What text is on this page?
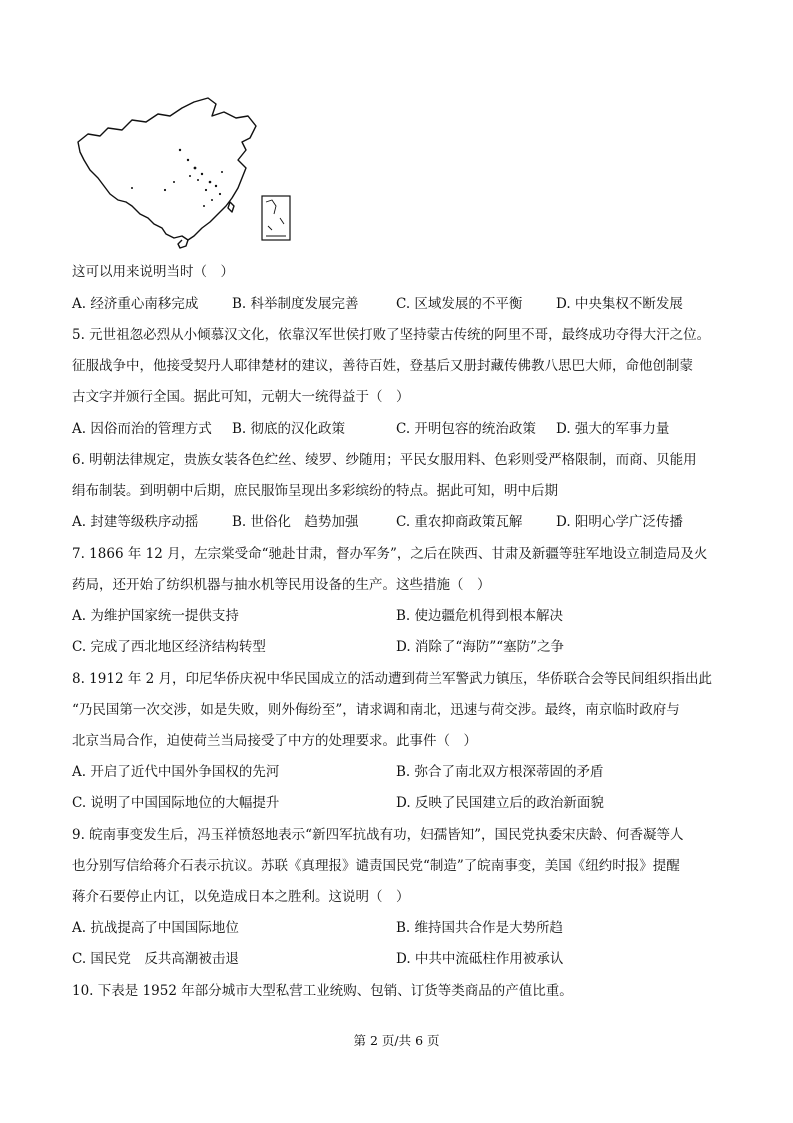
这可以用来说明当时（　）
A. 经济重心南移完成 B. 科举制度发展完善	C. 区域发展的不平衡 D. 中央集权不断发展
5. 元世祖忽必烈从小倾慕汉文化，依靠汉军世侯打败了坚持蒙古传统的阿里不哥，最终成功夺得大汗之位。
征服战争中，他接受契丹人耶律楚材的建议，善待百姓，登基后又册封藏传佛教八思巴大师，命他创制蒙
古文字并颁行全国。据此可知，元朝大一统得益于（　）
A. 因俗而治的管理方式 B. 彻底的汉化政策	C. 开明包容的统治政策 D. 强大的军事力量
6. 明朝法律规定，贵族女装各色纻丝、绫罗、纱随用；平民女服用料、色彩则受严格限制，而商、贝能用
绢布制装。到明朝中后期，庶民服饰呈现出多彩缤纷的特点。据此可知，明中后期
A. 封建等级秩序动摇 B. 世俗化　趋势加强	C. 重农抑商政策瓦解 D. 阳明心学广泛传播
7. 1866 年 12 月，左宗棠受命“驰赴甘肃，督办军务”，之后在陕西、甘肃及新疆等驻军地设立制造局及火
药局，还开始了纺织机器与抽水机等民用设备的生产。这些措施（　）
A. 为维护国家统一提供支持	B. 使边疆危机得到根本解决
C. 完成了西北地区经济结构转型	D. 消除了“海防”“塞防”之争
8. 1912 年 2 月，印尼华侨庆祝中华民国成立的活动遭到荷兰军警武力镇压，华侨联合会等民间组织指出此
“乃民国第一次交涉，如是失败，则外侮纷至”，请求调和南北，迅速与荷交涉。最终，南京临时政府与
北京当局合作，迫使荷兰当局接受了中方的处理要求。此事件（　）
A. 开启了近代中国外争国权的先河	B. 弥合了南北双方根深蒂固的矛盾
C. 说明了中国国际地位的大幅提升	D. 反映了民国建立后的政治新面貌
9. 皖南事变发生后，冯玉祥愤怒地表示“新四军抗战有功，妇孺皆知”，国民党执委宋庆龄、何香凝等人
也分别写信给蒋介石表示抗议。苏联《真理报》谴责国民党“制造”了皖南事变，美国《纽约时报》提醒
蒋介石要停止内讧，以免造成日本之胜利。这说明（　）
A. 抗战提高了中国国际地位	B. 维持国共合作是大势所趋
C. 国民党　反共高潮被击退	D. 中共中流砥柱作用被承认
10. 下表是 1952 年部分城市大型私营工业统购、包销、订货等类商品的产值比重。
第 2 页/共 6 页
